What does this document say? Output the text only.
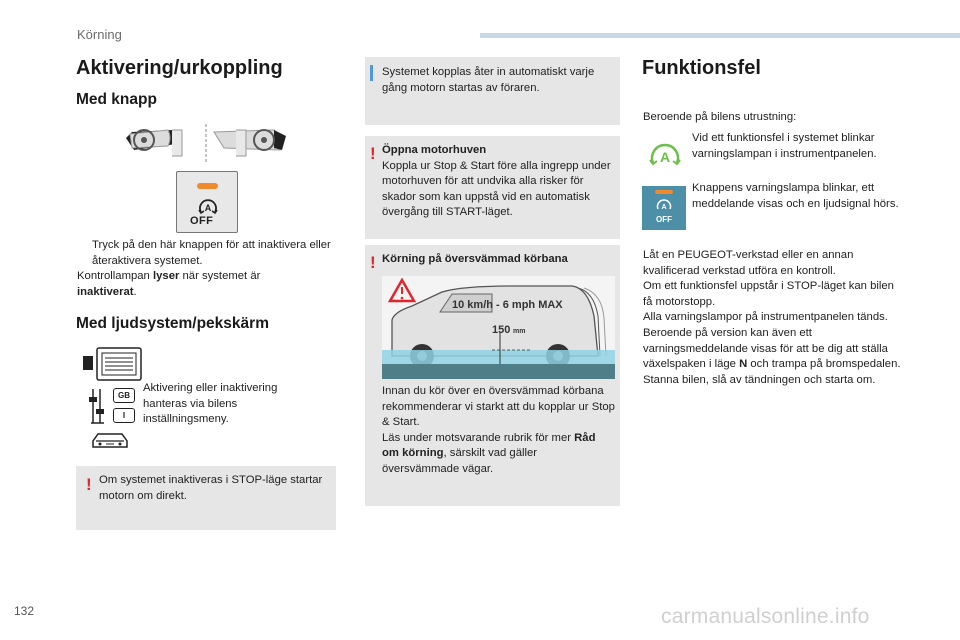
Körning
Aktivering/urkoppling
Med knapp
A
OFF
Tryck på den här knappen för att inaktivera eller återaktivera systemet.
Kontrollampan lyser när systemet är
inaktiverat.
Med ljudsystem/pekskärm
GB
I
Aktivering eller inaktivering hanteras via bilens inställningsmeny.
! Om systemet inaktiveras i STOP-läge startar motorn om direkt.
Systemet kopplas åter in automatiskt varje gång motorn startas av föraren.
! Öppna motorhuven
Koppla ur Stop & Start före alla ingrepp under motorhuven för att undvika alla risker för skador som kan uppstå vid en automatisk övergång till START-läget.
! Körning på översvämmad körbana
10 km/h - 6 mph MAX
150 mm
Innan du kör över en översvämmad körbana rekommenderar vi starkt att du kopplar ur Stop & Start.
Läs under motsvarande rubrik för mer Råd om körning, särskilt vad gäller översvämmade vägar.
Funktionsfel
Beroende på bilens utrustning:
A
Vid ett funktionsfel i systemet blinkar varningslampan i instrumentpanelen.
A
OFF
Knappens varningslampa blinkar, ett meddelande visas och en ljudsignal hörs.
Låt en PEUGEOT-verkstad eller en annan kvalificerad verkstad utföra en kontroll.
Om ett funktionsfel uppstår i STOP-läget kan bilen få motorstopp.
Alla varningslampor på instrumentpanelen tänds.
Beroende på version kan även ett varningsmeddelande visas för att be dig att ställa växelspaken i läge N och trampa på bromspedalen.
Stanna bilen, slå av tändningen och starta om.
132	carmanualsonline.info
